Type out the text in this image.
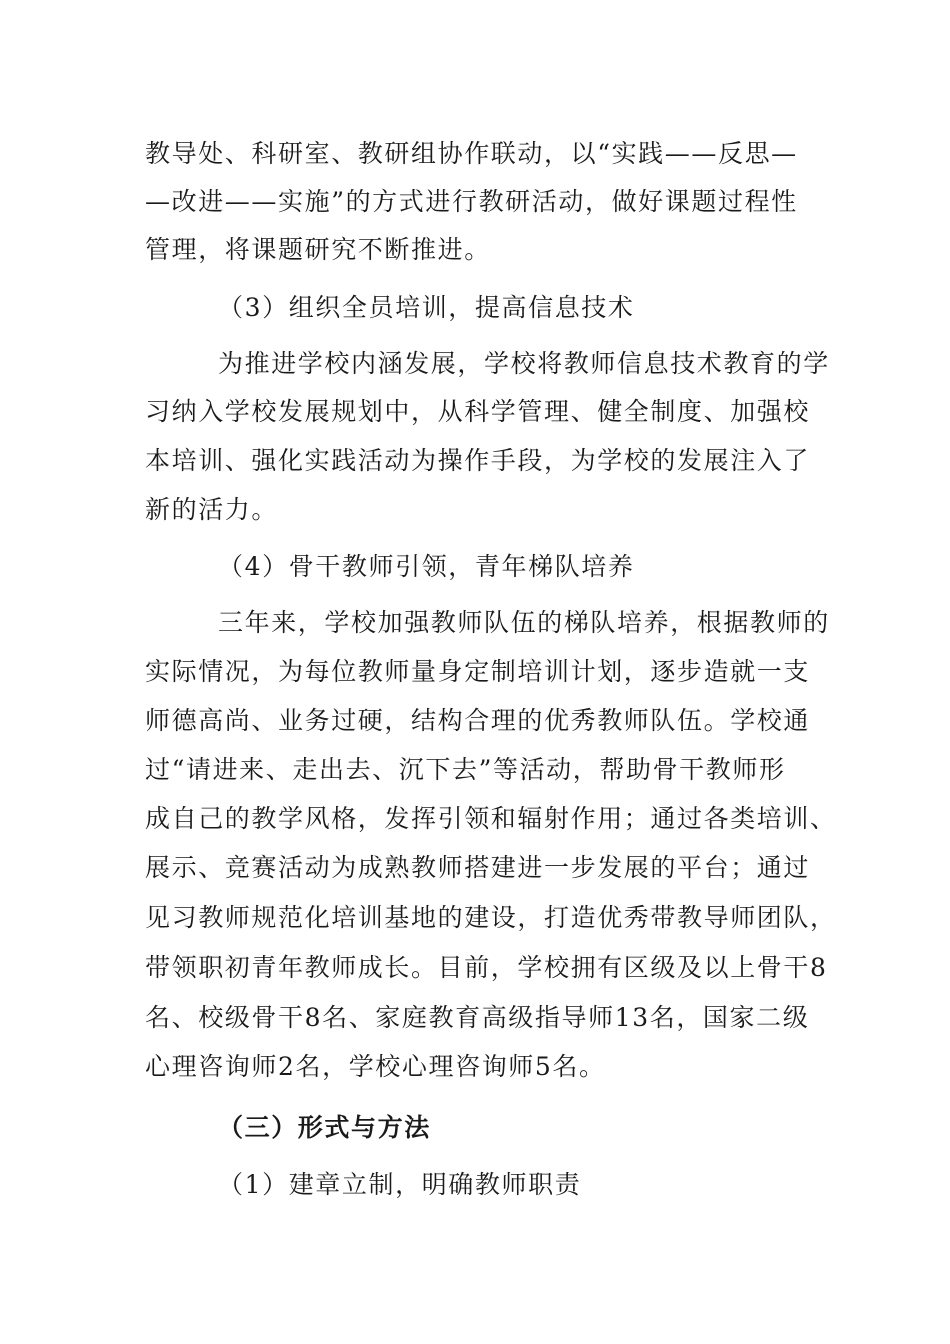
教导处、科研室、教研组协作联动，以“实践——反思—
—改进——实施”的方式进行教研活动，做好课题过程性
管理，将课题研究不断推进。
（3）组织全员培训，提高信息技术
为推进学校内涵发展，学校将教师信息技术教育的学
习纳入学校发展规划中，从科学管理、健全制度、加强校
本培训、强化实践活动为操作手段，为学校的发展注入了
新的活力。
（4）骨干教师引领，青年梯队培养
三年来，学校加强教师队伍的梯队培养，根据教师的
实际情况，为每位教师量身定制培训计划，逐步造就一支
师德高尚、业务过硬，结构合理的优秀教师队伍。学校通
过“请进来、走出去、沉下去”等活动，帮助骨干教师形
成自己的教学风格，发挥引领和辐射作用；通过各类培训、
展示、竞赛活动为成熟教师搭建进一步发展的平台；通过
见习教师规范化培训基地的建设，打造优秀带教导师团队，
带领职初青年教师成长。目前，学校拥有区级及以上骨干8
名、校级骨干8名、家庭教育高级指导师13名，国家二级
心理咨询师2名，学校心理咨询师5名。
（三）形式与方法
（1）建章立制，明确教师职责
